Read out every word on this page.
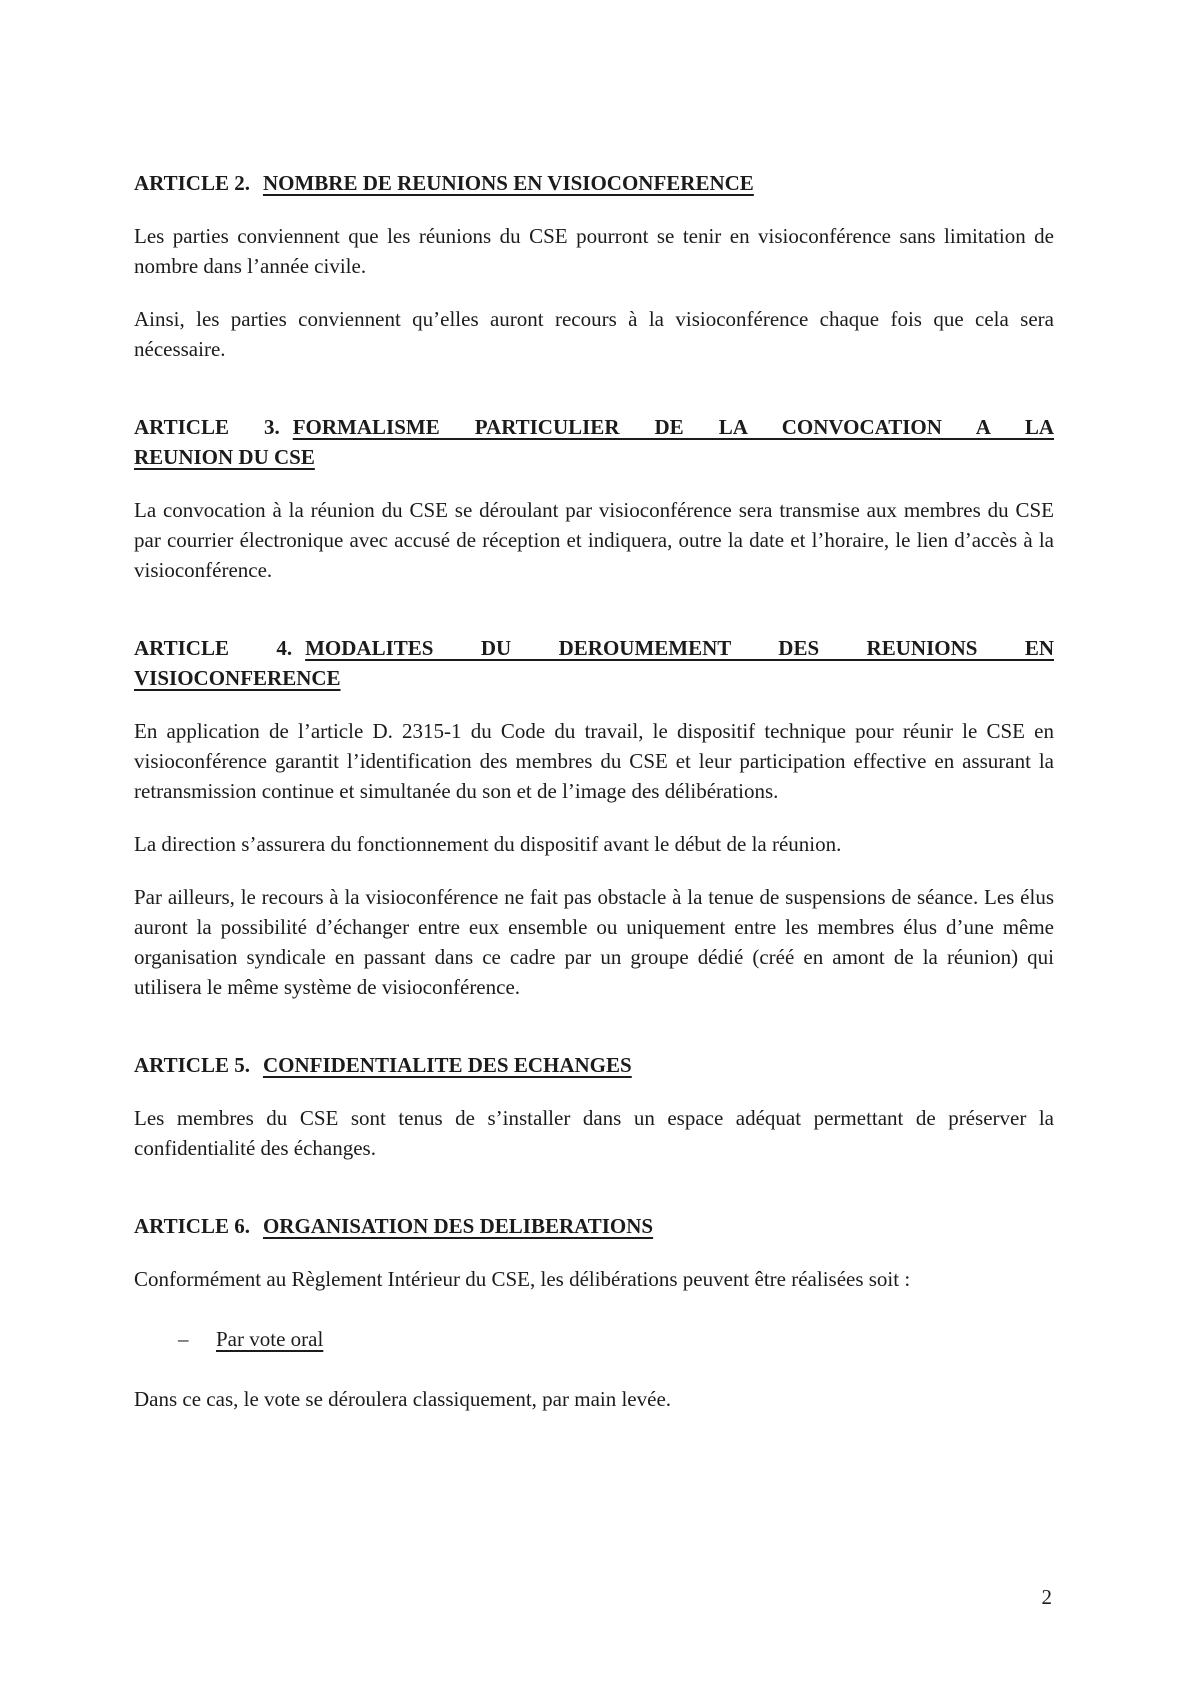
ARTICLE 2. NOMBRE DE REUNIONS EN VISIOCONFERENCE

Les parties conviennent que les réunions du CSE pourront se tenir en visioconférence sans limitation de nombre dans l’année civile.

Ainsi, les parties conviennent qu’elles auront recours à la visioconférence chaque fois que cela sera nécessaire.

ARTICLE 3. FORMALISME PARTICULIER DE LA CONVOCATION A LA
REUNION DU CSE

La convocation à la réunion du CSE se déroulant par visioconférence sera transmise aux membres du CSE par courrier électronique avec accusé de réception et indiquera, outre la date et l’horaire, le lien d’accès à la visioconférence.

ARTICLE 4. MODALITES DU DEROUMEMENT DES REUNIONS EN
VISIOCONFERENCE

En application de l’article D. 2315-1 du Code du travail, le dispositif technique pour réunir le CSE en visioconférence garantit l’identification des membres du CSE et leur participation effective en assurant la retransmission continue et simultanée du son et de l’image des délibérations.

La direction s’assurera du fonctionnement du dispositif avant le début de la réunion.

Par ailleurs, le recours à la visioconférence ne fait pas obstacle à la tenue de suspensions de séance. Les élus auront la possibilité d’échanger entre eux ensemble ou uniquement entre les membres élus d’une même organisation syndicale en passant dans ce cadre par un groupe dédié (créé en amont de la réunion) qui utilisera le même système de visioconférence.

ARTICLE 5. CONFIDENTIALITE DES ECHANGES

Les membres du CSE sont tenus de s’installer dans un espace adéquat permettant de préserver la confidentialité des échanges.

ARTICLE 6. ORGANISATION DES DELIBERATIONS

Conformément au Règlement Intérieur du CSE, les délibérations peuvent être réalisées soit :

– Par vote oral

Dans ce cas, le vote se déroulera classiquement, par main levée.

2
